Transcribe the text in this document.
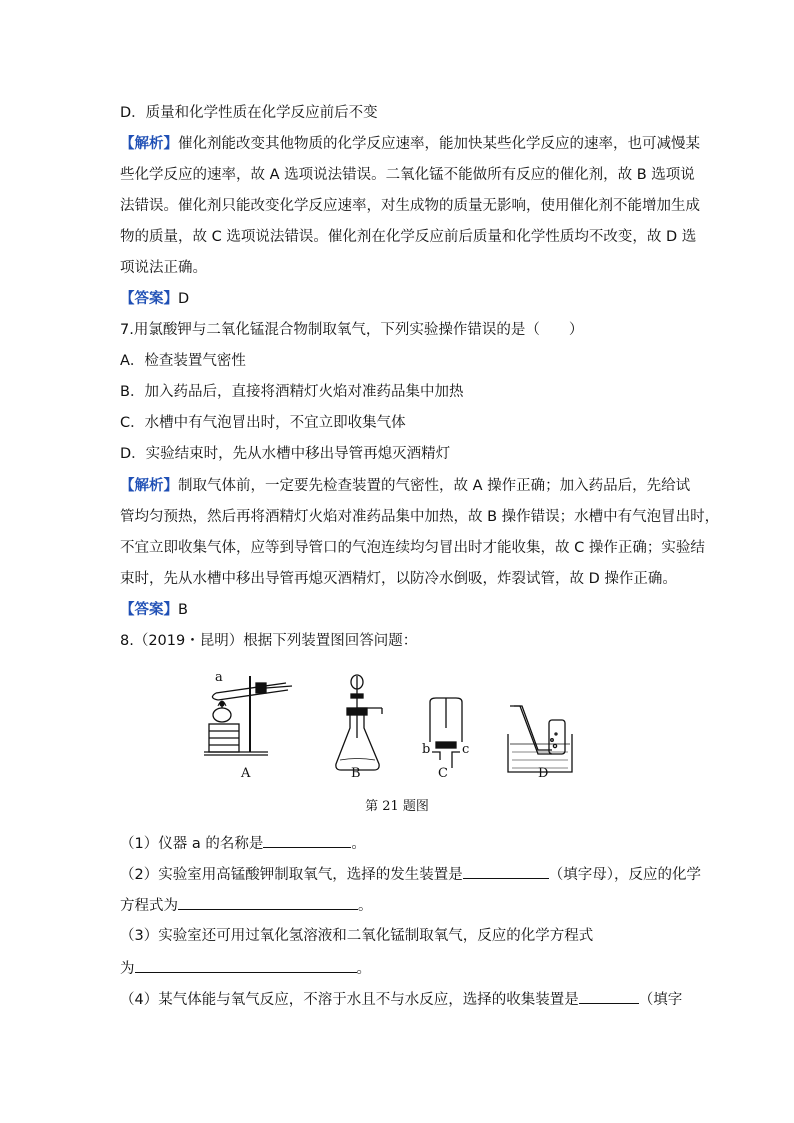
D．质量和化学性质在化学反应前后不变
【解析】催化剂能改变其他物质的化学反应速率，能加快某些化学反应的速率，也可减慢某
些化学反应的速率，故 A 选项说法错误。二氧化锰不能做所有反应的催化剂，故 B 选项说
法错误。催化剂只能改变化学反应速率，对生成物的质量无影响，使用催化剂不能增加生成
物的质量，故 C 选项说法错误。催化剂在化学反应前后质量和化学性质均不改变，故 D 选
项说法正确。
【答案】D
7.用氯酸钾与二氧化锰混合物制取氧气，下列实验操作错误的是（　　）
A．检查装置气密性
B．加入药品后，直接将酒精灯火焰对准药品集中加热
C．水槽中有气泡冒出时，不宜立即收集气体
D．实验结束时，先从水槽中移出导管再熄灭酒精灯
【解析】制取气体前，一定要先检查装置的气密性，故 A 操作正确；加入药品后，先给试
管均匀预热，然后再将酒精灯火焰对准药品集中加热，故 B 操作错误；水槽中有气泡冒出时，
不宜立即收集气体，应等到导管口的气泡连续均匀冒出时才能收集，故 C 操作正确；实验结
束时，先从水槽中移出导管再熄灭酒精灯，以防冷水倒吸，炸裂试管，故 D 操作正确。
【答案】B
8.（2019・昆明）根据下列装置图回答问题：
a
b c
A	B	C	D
第 21 题图
（1）仪器 a 的名称是	。
（2）实验室用高锰酸钾制取氧气，选择的发生装置是	（填字母），反应的化学
方程式为	。
（3）实验室还可用过氧化氢溶液和二氧化锰制取氧气，反应的化学方程式
为	。
（4）某气体能与氧气反应，不溶于水且不与水反应，选择的收集装置是	（填字
